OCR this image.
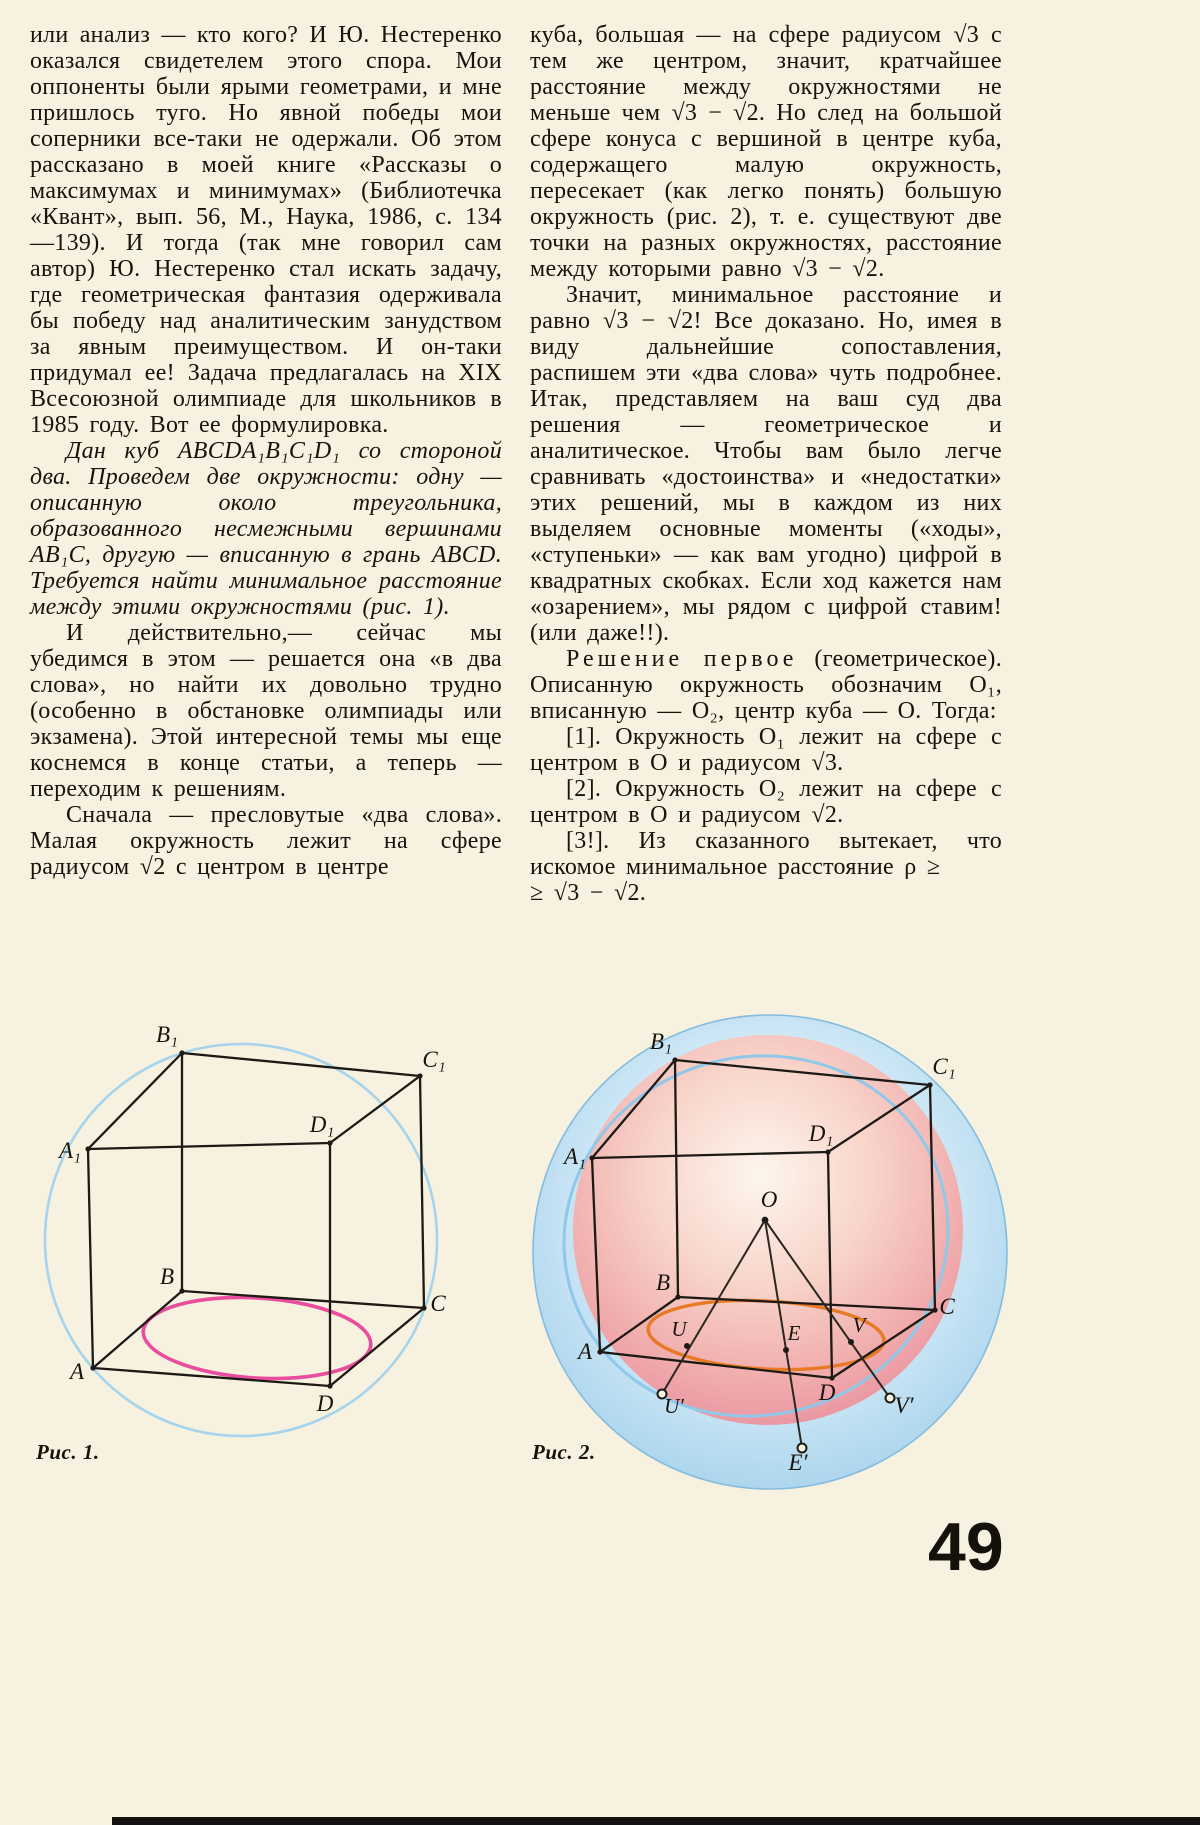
или анализ — кто кого? И Ю. Нестеренко оказался свидетелем этого спора. Мои оппоненты были ярыми геометрами, и мне пришлось туго. Но явной победы мои соперники все-таки не одержали. Об этом рассказано в моей книге «Рассказы о максимумах и минимумах» (Библиотечка «Квант», вып. 56, М., Наука, 1986, с. 134—139). И тогда (так мне говорил сам автор) Ю. Нестеренко стал искать задачу, где геометрическая фантазия одерживала бы победу над аналитическим занудством за явным преимуществом. И он-таки придумал ее! Задача предлагалась на XIX Всесоюзной олимпиаде для школьников в 1985 году. Вот ее формулировка.

Дан куб ABCDA₁B₁C₁D₁ со стороной два. Проведем две окружности: одну — описанную около треугольника, образованного несмежными вершинами AB₁C, другую — вписанную в грань ABCD. Требуется найти минимальное расстояние между этими окружностями (рис. 1).

И действительно,— сейчас мы убедимся в этом — решается она «в два слова», но найти их довольно трудно (особенно в обстановке олимпиады или экзамена). Этой интересной темы мы еще коснемся в конце статьи, а теперь — переходим к решениям.

Сначала — пресловутые «два слова». Малая окружность лежит на сфере радиусом √2 с центром в центре

куба, большая — на сфере радиусом √3 с тем же центром, значит, кратчайшее расстояние между окружностями не меньше чем √3 − √2. Но след на большой сфере конуса с вершиной в центре куба, содержащего малую окружность, пересекает (как легко понять) большую окружность (рис. 2), т. е. существуют две точки на разных окружностях, расстояние между которыми равно √3 − √2.

Значит, минимальное расстояние и равно √3 − √2! Все доказано. Но, имея в виду дальнейшие сопоставления, распишем эти «два слова» чуть подробнее. Итак, представляем на ваш суд два решения — геометрическое и аналитическое. Чтобы вам было легче сравнивать «достоинства» и «недостатки» этих решений, мы в каждом из них выделяем основные моменты («ходы», «ступеньки» — как вам угодно) цифрой в квадратных скобках. Если ход кажется нам «озарением», мы рядом с цифрой ставим! (или даже!!).

Решение первое (геометрическое). Описанную окружность обозначим O₁, вписанную — O₂, центр куба — O. Тогда:

[1]. Окружность O₁ лежит на сфере с центром в O и радиусом √3.

[2]. Окружность O₂ лежит на сфере с центром в O и радиусом √2.

[3!]. Из сказанного вытекает, что искомое минимальное расстояние ρ ≥
≥ √3 − √2.

B₁
C₁
A₁
D₁
B
C
A
D
Рис. 1.
B₁
C₁
A₁
D₁
B
C
A
D
O
U	E V
U′
E′
V′
Рис. 2.
49
